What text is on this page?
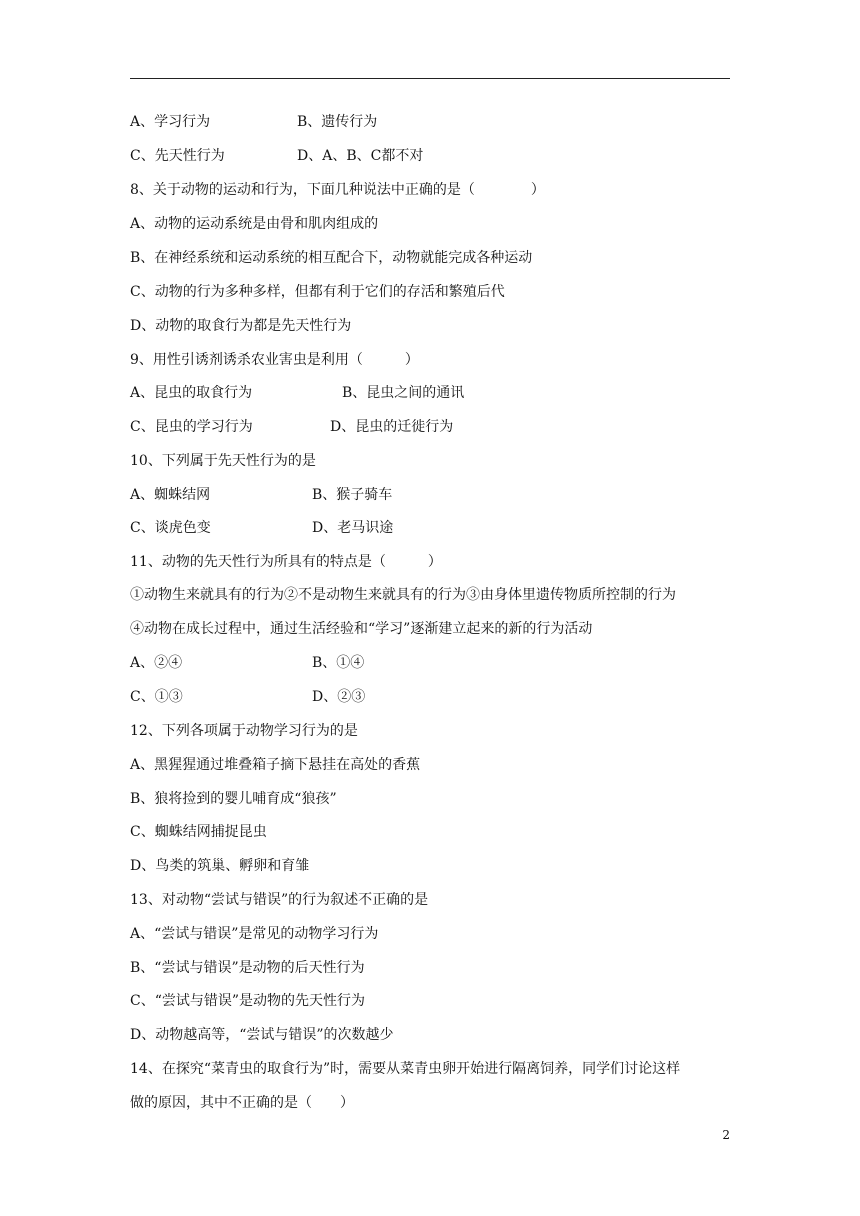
A、学习行为	B、遗传行为
C、先天性行为	D、A、B、C都不对
8、关于动物的运动和行为，下面几种说法中正确的是（　　　　）
A、动物的运动系统是由骨和肌肉组成的
B、在神经系统和运动系统的相互配合下，动物就能完成各种运动
C、动物的行为多种多样，但都有利于它们的存活和繁殖后代
D、动物的取食行为都是先天性行为
9、用性引诱剂诱杀农业害虫是利用（　　　）
A、昆虫的取食行为	B、昆虫之间的通讯
C、昆虫的学习行为	D、昆虫的迁徙行为
10、下列属于先天性行为的是
A、蜘蛛结网	B、猴子骑车
C、谈虎色变	D、老马识途
11、动物的先天性行为所具有的特点是（　　　）
①动物生来就具有的行为②不是动物生来就具有的行为③由身体里遗传物质所控制的行为
④动物在成长过程中，通过生活经验和“学习”逐渐建立起来的新的行为活动
A、②④	B、①④
C、①③	D、②③
12、下列各项属于动物学习行为的是
A、黑猩猩通过堆叠箱子摘下悬挂在高处的香蕉
B、狼将捡到的婴儿哺育成“狼孩”
C、蜘蛛结网捕捉昆虫
D、鸟类的筑巢、孵卵和育雏
13、对动物“尝试与错误”的行为叙述不正确的是
A、“尝试与错误”是常见的动物学习行为
B、“尝试与错误”是动物的后天性行为
C、“尝试与错误”是动物的先天性行为
D、动物越高等，“尝试与错误”的次数越少
14、在探究“菜青虫的取食行为”时，需要从菜青虫卵开始进行隔离饲养，同学们讨论这样
做的原因，其中不正确的是（　　）
2
